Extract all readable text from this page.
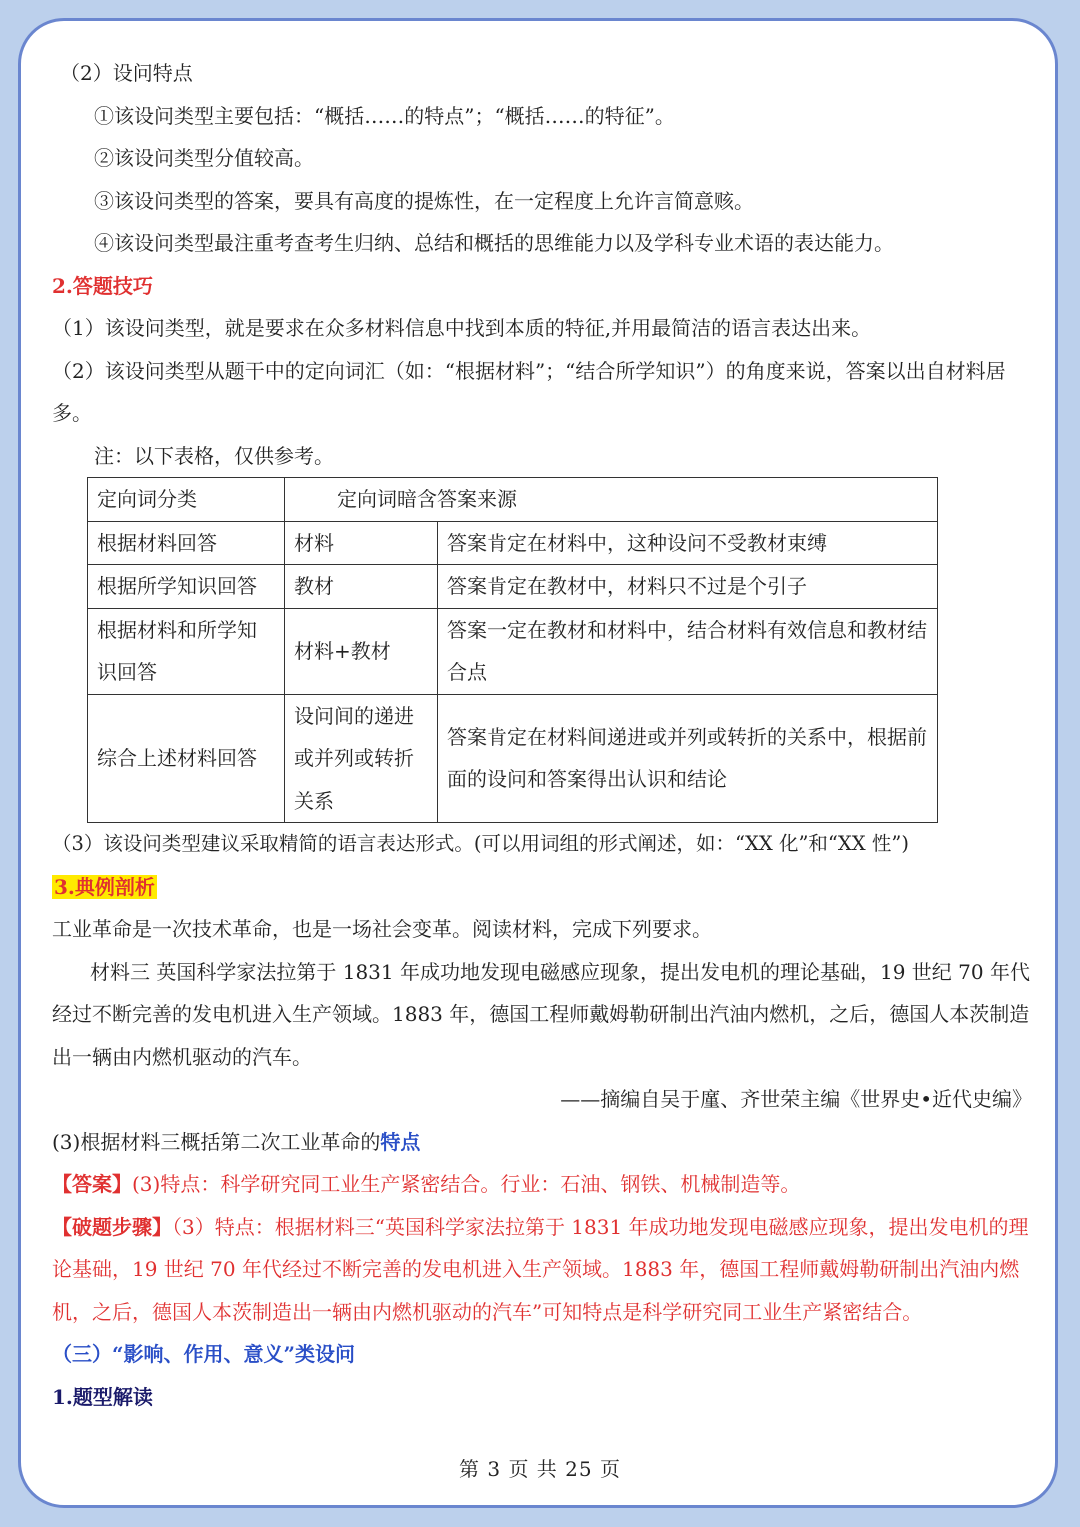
（2）设问特点
①该设问类型主要包括：“概括……的特点”；“概括……的特征”。
②该设问类型分值较高。
③该设问类型的答案，要具有高度的提炼性，在一定程度上允许言简意赅。
④该设问类型最注重考查考生归纳、总结和概括的思维能力以及学科专业术语的表达能力。
2.答题技巧
（1）该设问类型，就是要求在众多材料信息中找到本质的特征,并用最简洁的语言表达出来。
（2）该设问类型从题干中的定向词汇（如：“根据材料”；“结合所学知识”）的角度来说，答案以出自材料居多。
注：以下表格，仅供参考。
定向词分类	定向词暗含答案来源	
根据材料回答	材料	答案肯定在材料中，这种设问不受教材束缚
根据所学知识回答	教材	答案肯定在教材中，材料只不过是个引子
根据材料和所学知识回答	材料+教材	答案一定在教材和材料中，结合材料有效信息和教材结合点
综合上述材料回答	设问间的递进或并列或转折关系	答案肯定在材料间递进或并列或转折的关系中，根据前面的设问和答案得出认识和结论
（3）该设问类型建议采取精简的语言表达形式。(可以用词组的形式阐述，如：“XX 化”和“XX 性”)
3.典例剖析
工业革命是一次技术革命，也是一场社会变革。阅读材料，完成下列要求。
材料三 英国科学家法拉第于 1831 年成功地发现电磁感应现象，提出发电机的理论基础，19 世纪 70 年代经过不断完善的发电机进入生产领域。1883 年，德国工程师戴姆勒研制出汽油内燃机，之后，德国人本茨制造出一辆由内燃机驱动的汽车。
——摘编自吴于廑、齐世荣主编《世界史•近代史编》
(3)根据材料三概括第二次工业革命的特点
【答案】(3)特点：科学研究同工业生产紧密结合。行业：石油、钢铁、机械制造等。
【破题步骤】（3）特点：根据材料三“英国科学家法拉第于 1831 年成功地发现电磁感应现象，提出发电机的理论基础，19 世纪 70 年代经过不断完善的发电机进入生产领域。1883 年，德国工程师戴姆勒研制出汽油内燃机，之后，德国人本茨制造出一辆由内燃机驱动的汽车”可知特点是科学研究同工业生产紧密结合。
（三）“影响、作用、意义”类设问
1.题型解读
第 3 页 共 25 页
